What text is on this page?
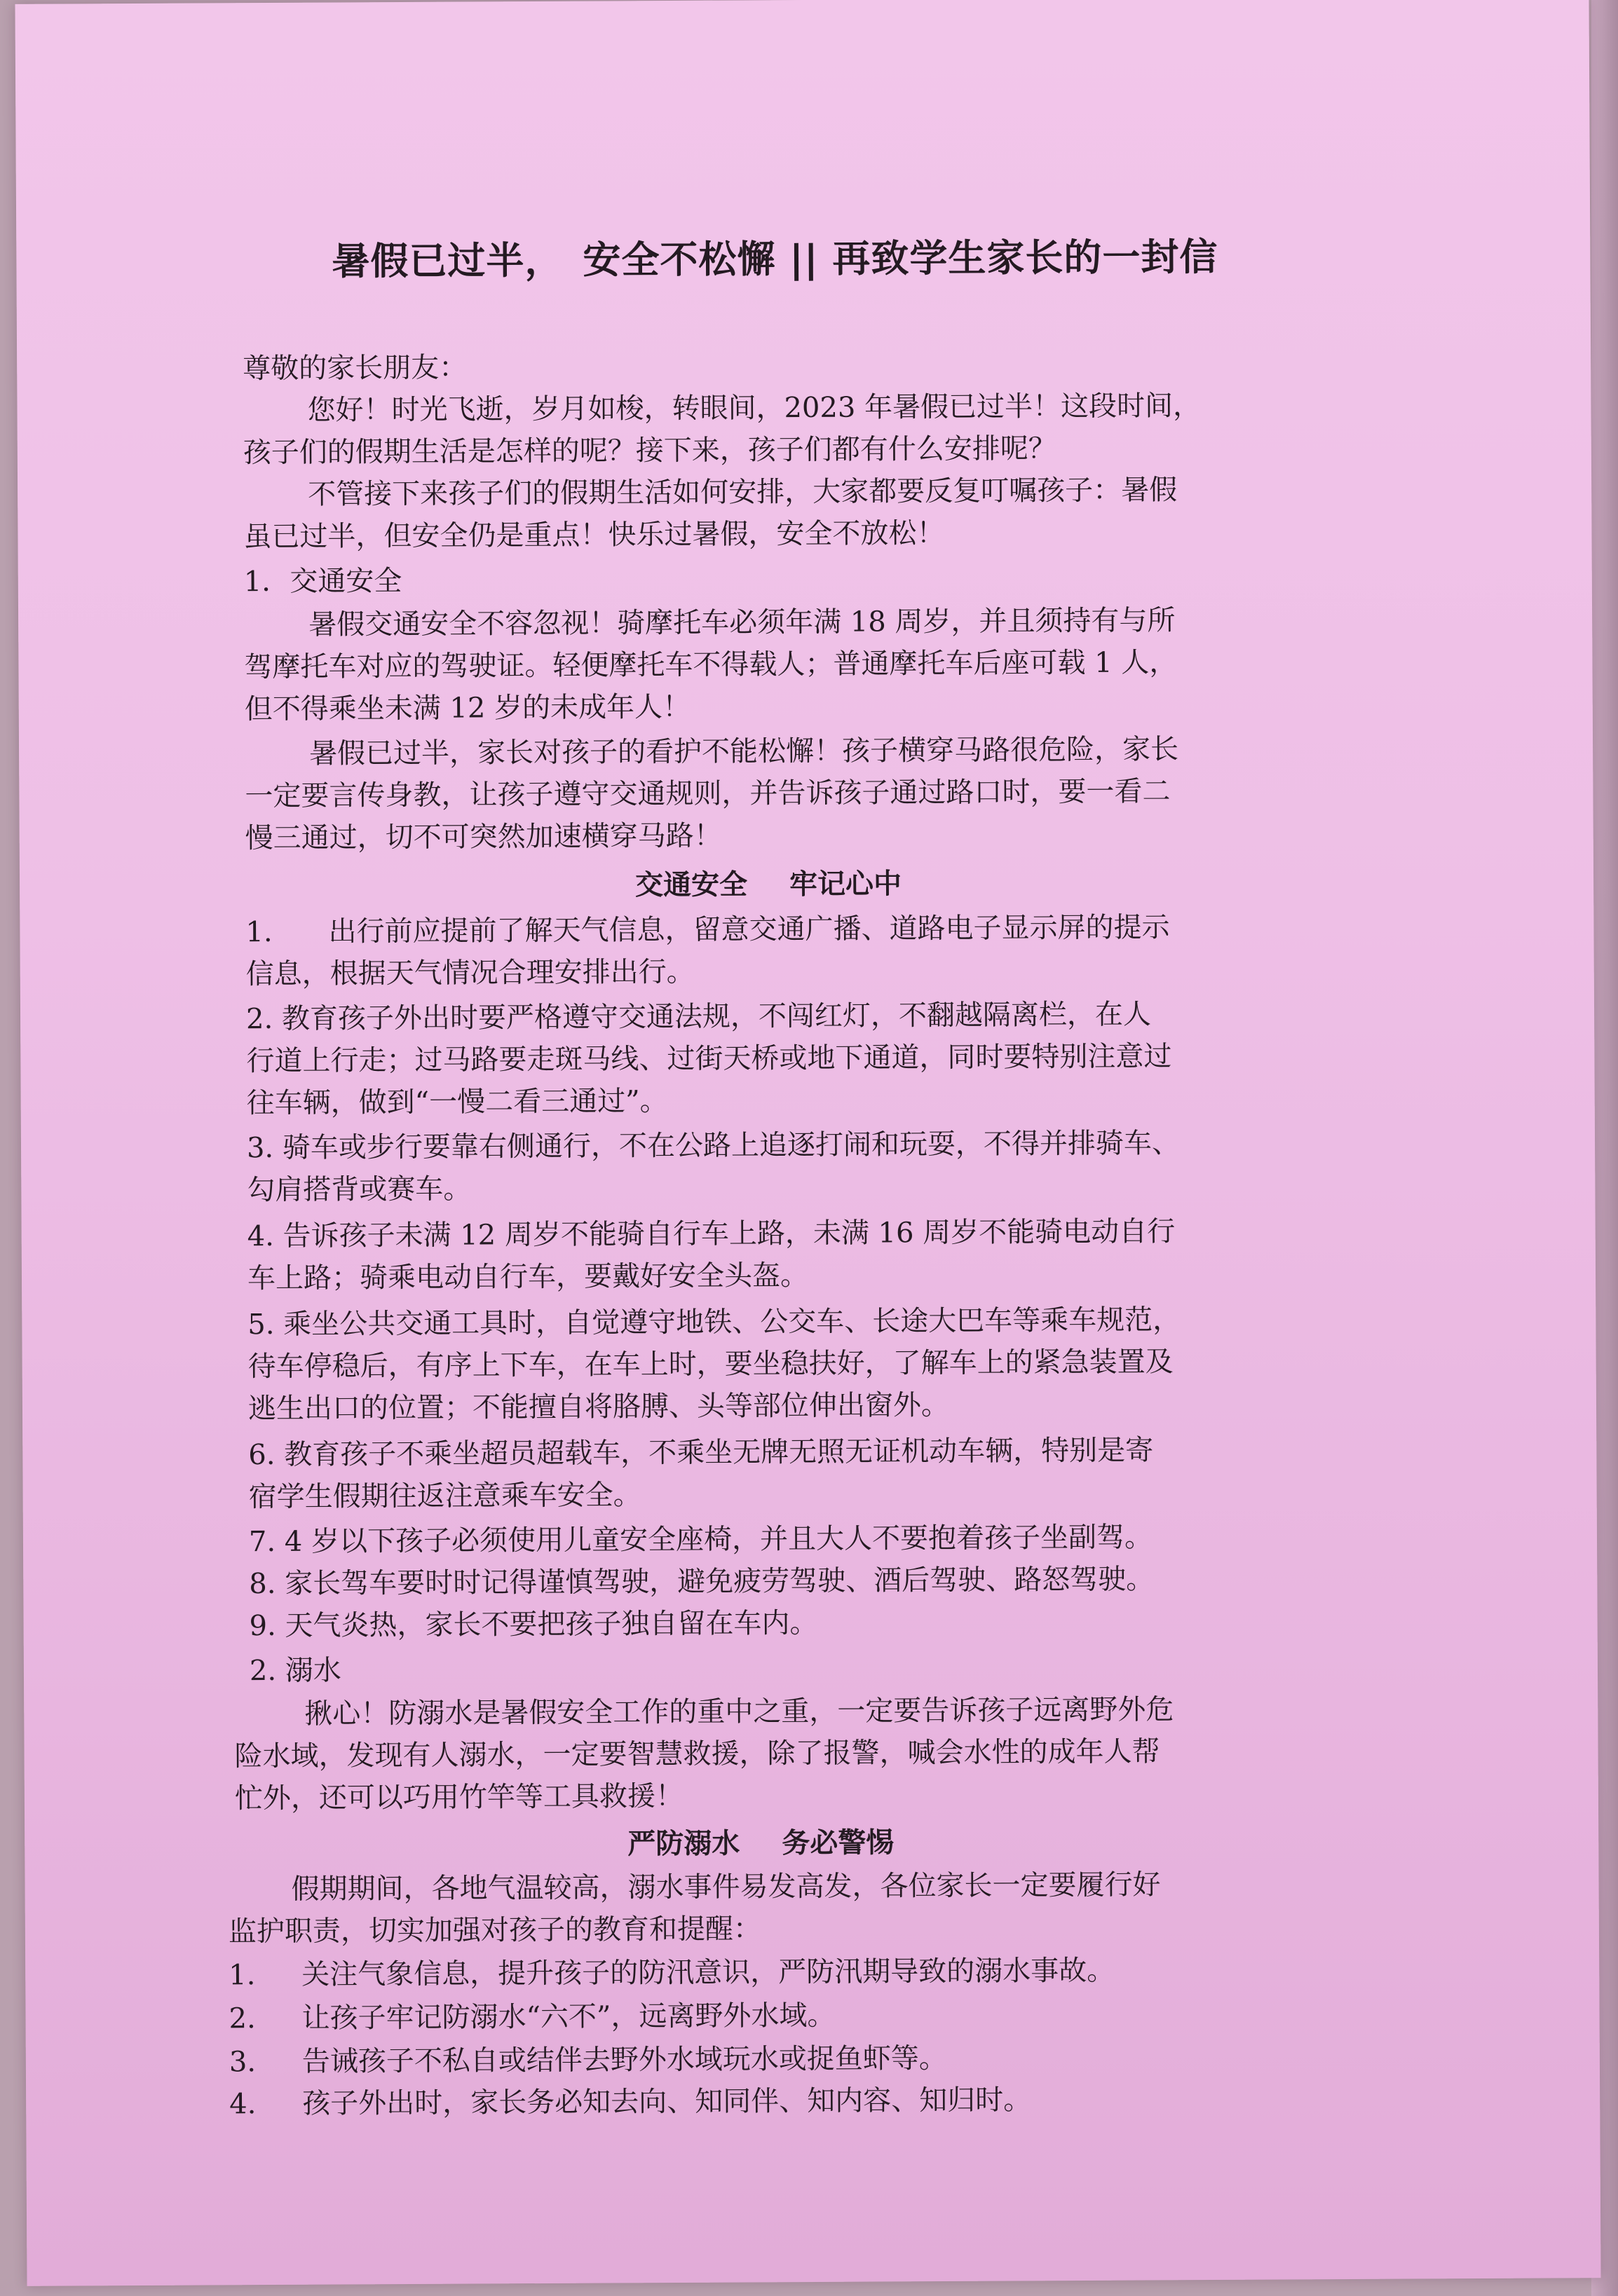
暑假已过半，　安全不松懈 || 再致学生家长的一封信
尊敬的家长朋友：
您好！时光飞逝，岁月如梭，转眼间，2023 年暑假已过半！这段时间，
孩子们的假期生活是怎样的呢？接下来，孩子们都有什么安排呢？
不管接下来孩子们的假期生活如何安排，大家都要反复叮嘱孩子：暑假
虽已过半，但安全仍是重点！快乐过暑假，安全不放松！
1．交通安全
暑假交通安全不容忽视！骑摩托车必须年满 18 周岁，并且须持有与所
驾摩托车对应的驾驶证。轻便摩托车不得载人；普通摩托车后座可载 1 人，
但不得乘坐未满 12 岁的未成年人！
暑假已过半，家长对孩子的看护不能松懈！孩子横穿马路很危险，家长
一定要言传身教，让孩子遵守交通规则，并告诉孩子通过路口时，要一看二
慢三通过，切不可突然加速横穿马路！
交通安全 牢记心中
1.　　出行前应提前了解天气信息，留意交通广播、道路电子显示屏的提示
信息，根据天气情况合理安排出行。
2. 教育孩子外出时要严格遵守交通法规，不闯红灯，不翻越隔离栏，在人
行道上行走；过马路要走斑马线、过街天桥或地下通道，同时要特别注意过
往车辆，做到“一慢二看三通过”。
3. 骑车或步行要靠右侧通行，不在公路上追逐打闹和玩耍，不得并排骑车、
勾肩搭背或赛车。
4. 告诉孩子未满 12 周岁不能骑自行车上路，未满 16 周岁不能骑电动自行
车上路；骑乘电动自行车，要戴好安全头盔。
5. 乘坐公共交通工具时，自觉遵守地铁、公交车、长途大巴车等乘车规范，
待车停稳后，有序上下车，在车上时，要坐稳扶好，了解车上的紧急装置及
逃生出口的位置；不能擅自将胳膊、头等部位伸出窗外。
6. 教育孩子不乘坐超员超载车，不乘坐无牌无照无证机动车辆，特别是寄
宿学生假期往返注意乘车安全。
7. 4 岁以下孩子必须使用儿童安全座椅，并且大人不要抱着孩子坐副驾。
8. 家长驾车要时时记得谨慎驾驶，避免疲劳驾驶、酒后驾驶、路怒驾驶。
9. 天气炎热，家长不要把孩子独自留在车内。
2. 溺水
揪心！防溺水是暑假安全工作的重中之重，一定要告诉孩子远离野外危
险水域，发现有人溺水，一定要智慧救援，除了报警，喊会水性的成年人帮
忙外，还可以巧用竹竿等工具救援！
严防溺水 务必警惕
假期期间，各地气温较高，溺水事件易发高发，各位家长一定要履行好
监护职责，切实加强对孩子的教育和提醒：
1. 关注气象信息，提升孩子的防汛意识，严防汛期导致的溺水事故。
2. 让孩子牢记防溺水“六不”，远离野外水域。
3. 告诫孩子不私自或结伴去野外水域玩水或捉鱼虾等。
4. 孩子外出时，家长务必知去向、知同伴、知内容、知归时。
